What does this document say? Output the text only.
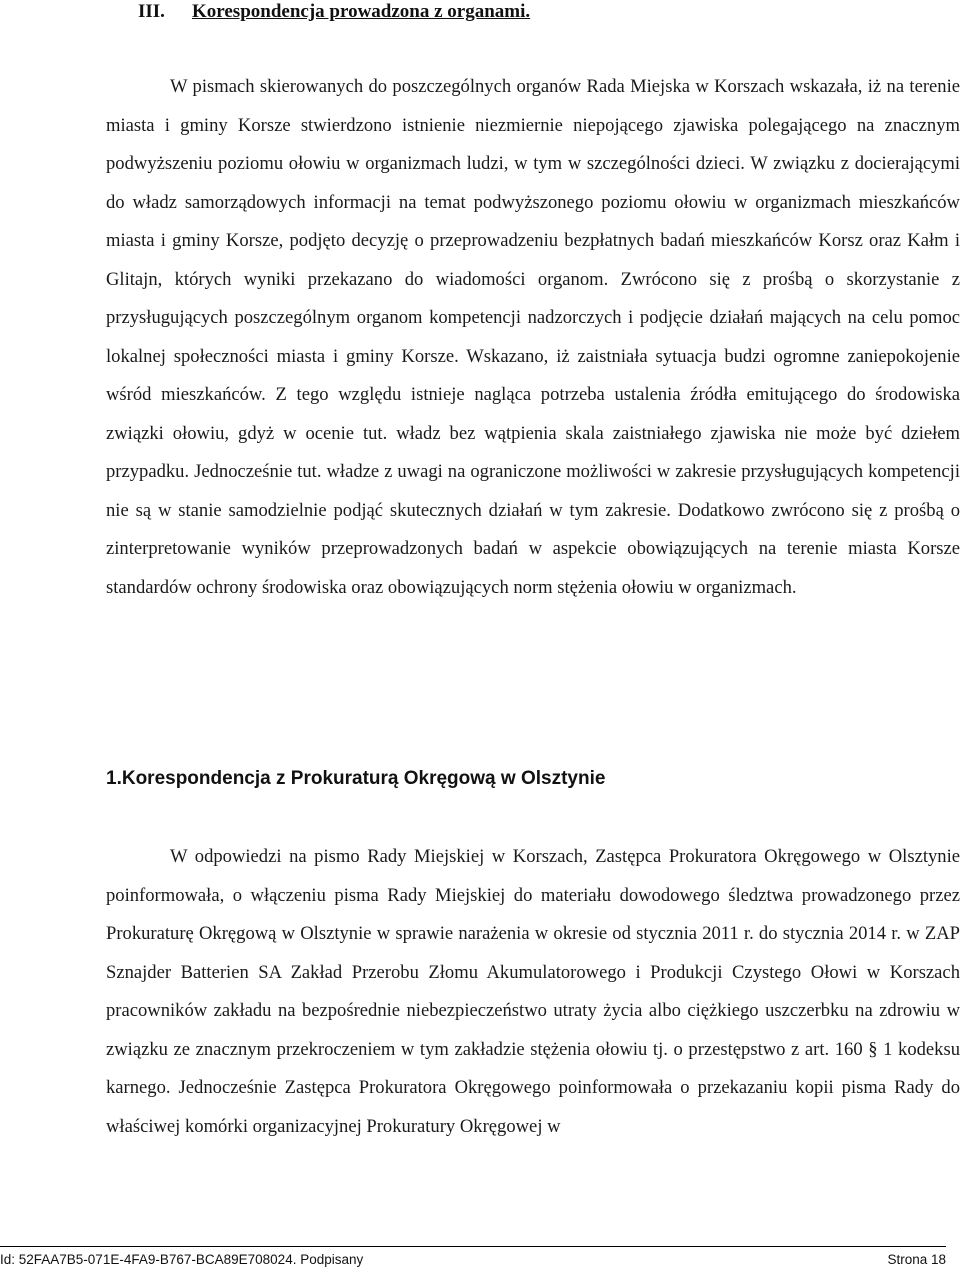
III. Korespondencja prowadzona z organami.

W pismach skierowanych do poszczególnych organów Rada Miejska w Korszach wskazała, iż na terenie miasta i gminy Korsze stwierdzono istnienie niezmiernie niepojącego zjawiska polegającego na znacznym podwyższeniu poziomu ołowiu w organizmach ludzi, w tym w szczególności dzieci. W związku z docierającymi do władz samorządowych informacji na temat podwyższonego poziomu ołowiu w organizmach mieszkańców miasta i gminy Korsze, podjęto decyzję o przeprowadzeniu bezpłatnych badań mieszkańców Korsz oraz Kałm i Glitajn, których wyniki przekazano do wiadomości organom. Zwrócono się z prośbą o skorzystanie z przysługujących poszczególnym organom kompetencji nadzorczych i podjęcie działań mających na celu pomoc lokalnej społeczności miasta i gminy Korsze. Wskazano, iż zaistniała sytuacja budzi ogromne zaniepokojenie wśród mieszkańców. Z tego względu istnieje nagląca potrzeba ustalenia źródła emitującego do środowiska związki ołowiu, gdyż w ocenie tut. władz bez wątpienia skala zaistniałego zjawiska nie może być dziełem przypadku. Jednocześnie tut. władze z uwagi na ograniczone możliwości w zakresie przysługujących kompetencji nie są w stanie samodzielnie podjąć skutecznych działań w tym zakresie. Dodatkowo zwrócono się z prośbą o zinterpretowanie wyników przeprowadzonych badań w aspekcie obowiązujących na terenie miasta Korsze standardów ochrony środowiska oraz obowiązujących norm stężenia ołowiu w organizmach.

1.Korespondencja z Prokuraturą Okręgową w Olsztynie

W odpowiedzi na pismo Rady Miejskiej w Korszach, Zastępca Prokuratora Okręgowego w Olsztynie poinformowała, o włączeniu pisma Rady Miejskiej do materiału dowodowego śledztwa prowadzonego przez Prokuraturę Okręgową w Olsztynie w sprawie narażenia w okresie od stycznia 2011 r. do stycznia 2014 r. w ZAP Sznajder Batterien SA Zakład Przerobu Złomu Akumulatorowego i Produkcji Czystego Ołowi w Korszach pracowników zakładu na bezpośrednie niebezpieczeństwo utraty życia albo ciężkiego uszczerbku na zdrowiu w związku ze znacznym przekroczeniem w tym zakładzie stężenia ołowiu tj. o przestępstwo z art. 160 § 1 kodeksu karnego. Jednocześnie Zastępca Prokuratora Okręgowego poinformowała o przekazaniu kopii pisma Rady do właściwej komórki organizacyjnej Prokuratury Okręgowej w

Id: 52FAA7B5-071E-4FA9-B767-BCA89E708024. Podpisany	Strona 18
